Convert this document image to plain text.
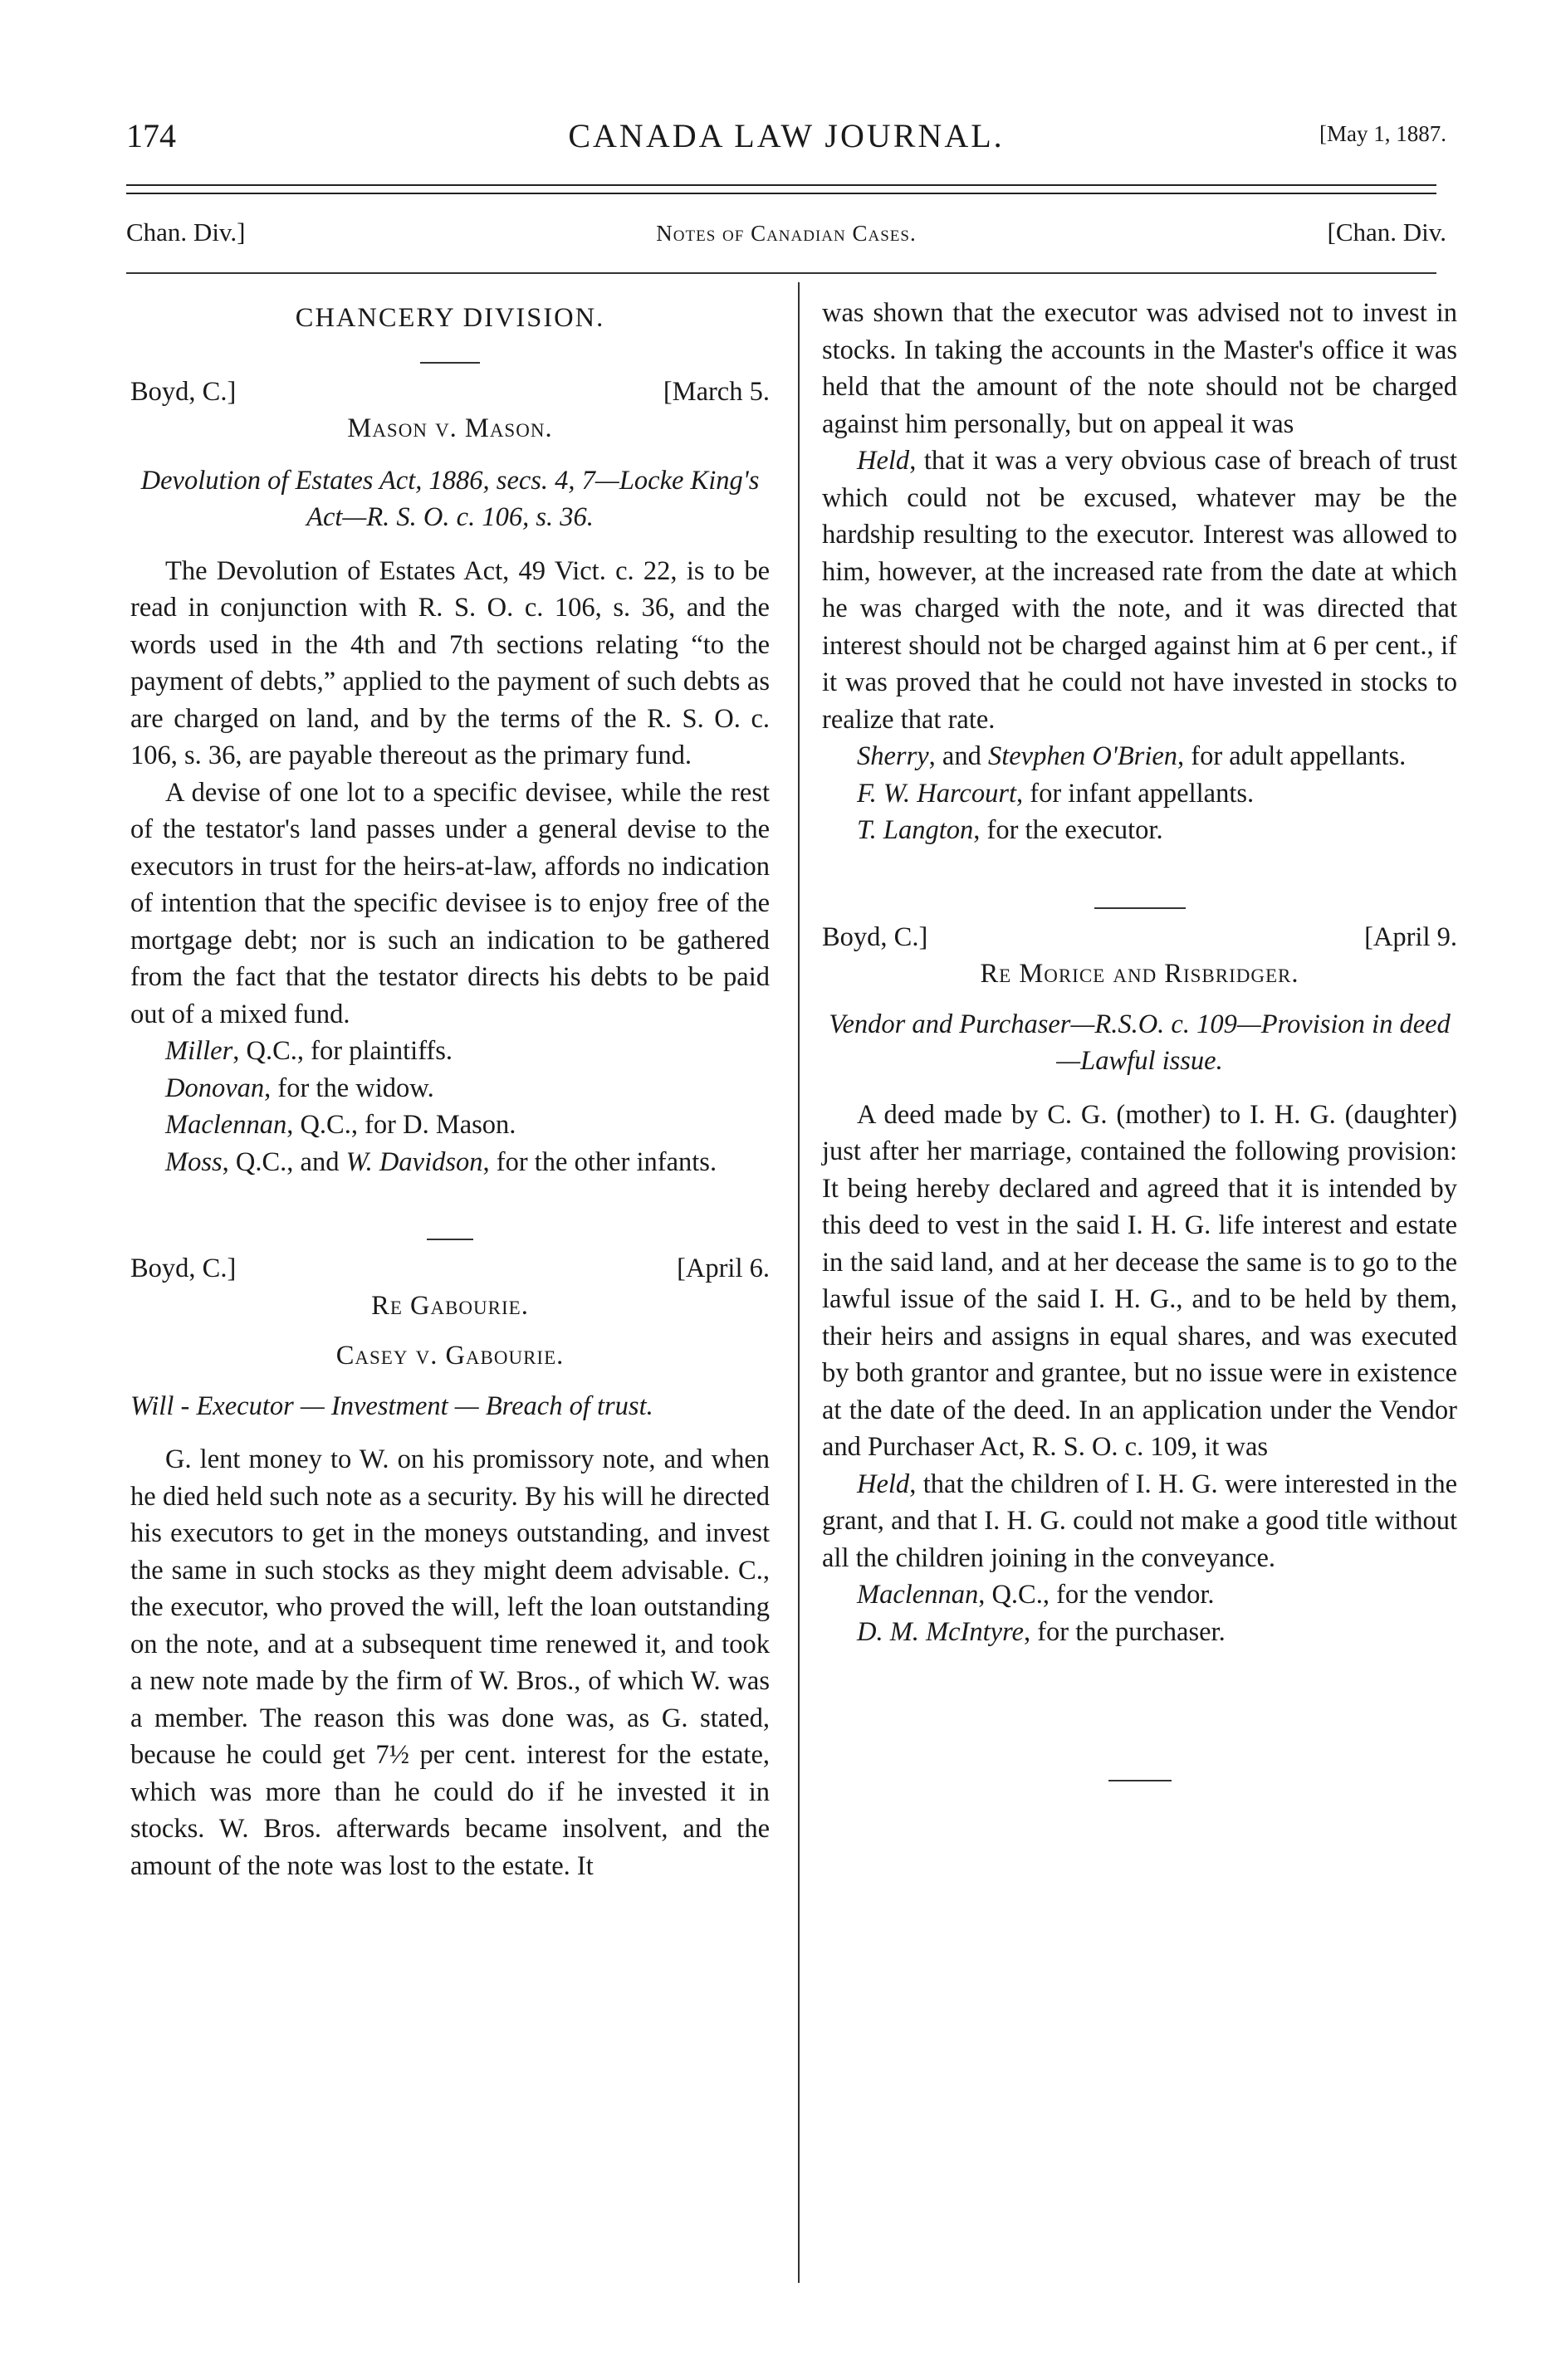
174	CANADA LAW JOURNAL.	[May 1, 1887.
Chan. Div.]	Notes of Canadian Cases.	[Chan. Div.

CHANCERY DIVISION.

Boyd, C.]	[March 5.

Mason v. Mason.

Devolution of Estates Act, 1886, secs. 4, 7—Locke King's Act—R. S. O. c. 106, s. 36.

The Devolution of Estates Act, 49 Vict. c. 22, is to be read in conjunction with R. S. O. c. 106, s. 36, and the words used in the 4th and 7th sections relating “to the payment of debts,” applied to the payment of such debts as are charged on land, and by the terms of the R. S. O. c. 106, s. 36, are payable thereout as the primary fund.

A devise of one lot to a specific devisee, while the rest of the testator's land passes under a general devise to the executors in trust for the heirs-at-law, affords no indication of intention that the specific devisee is to enjoy free of the mortgage debt; nor is such an indication to be gathered from the fact that the testator directs his debts to be paid out of a mixed fund.

Miller, Q.C., for plaintiffs.

Donovan, for the widow.

Maclennan, Q.C., for D. Mason.

Moss, Q.C., and W. Davidson, for the other infants.

Boyd, C.]	[April 6.

Re Gabourie.

Casey v. Gabourie.

Will - Executor — Investment — Breach of trust.

G. lent money to W. on his promissory note, and when he died held such note as a security. By his will he directed his executors to get in the moneys outstanding, and invest the same in such stocks as they might deem advisable. C., the executor, who proved the will, left the loan outstanding on the note, and at a subsequent time renewed it, and took a new note made by the firm of W. Bros., of which W. was a member. The reason this was done was, as G. stated, because he could get 7½ per cent. interest for the estate, which was more than he could do if he invested it in stocks. W. Bros. afterwards became insolvent, and the amount of the note was lost to the estate. It

was shown that the executor was advised not to invest in stocks. In taking the accounts in the Master's office it was held that the amount of the note should not be charged against him personally, but on appeal it was

Held, that it was a very obvious case of breach of trust which could not be excused, whatever may be the hardship resulting to the executor. Interest was allowed to him, however, at the increased rate from the date at which he was charged with the note, and it was directed that interest should not be charged against him at 6 per cent., if it was proved that he could not have invested in stocks to realize that rate.

Sherry, and Stevphen O'Brien, for adult appellants.

F. W. Harcourt, for infant appellants.

T. Langton, for the executor.

Boyd, C.]	[April 9.

Re Morice and Risbridger.

Vendor and Purchaser—R.S.O. c. 109—Provision in deed—Lawful issue.

A deed made by C. G. (mother) to I. H. G. (daughter) just after her marriage, contained the following provision: It being hereby declared and agreed that it is intended by this deed to vest in the said I. H. G. life interest and estate in the said land, and at her decease the same is to go to the lawful issue of the said I. H. G., and to be held by them, their heirs and assigns in equal shares, and was executed by both grantor and grantee, but no issue were in existence at the date of the deed. In an application under the Vendor and Purchaser Act, R. S. O. c. 109, it was

Held, that the children of I. H. G. were interested in the grant, and that I. H. G. could not make a good title without all the children joining in the conveyance.

Maclennan, Q.C., for the vendor.

D. M. McIntyre, for the purchaser.
